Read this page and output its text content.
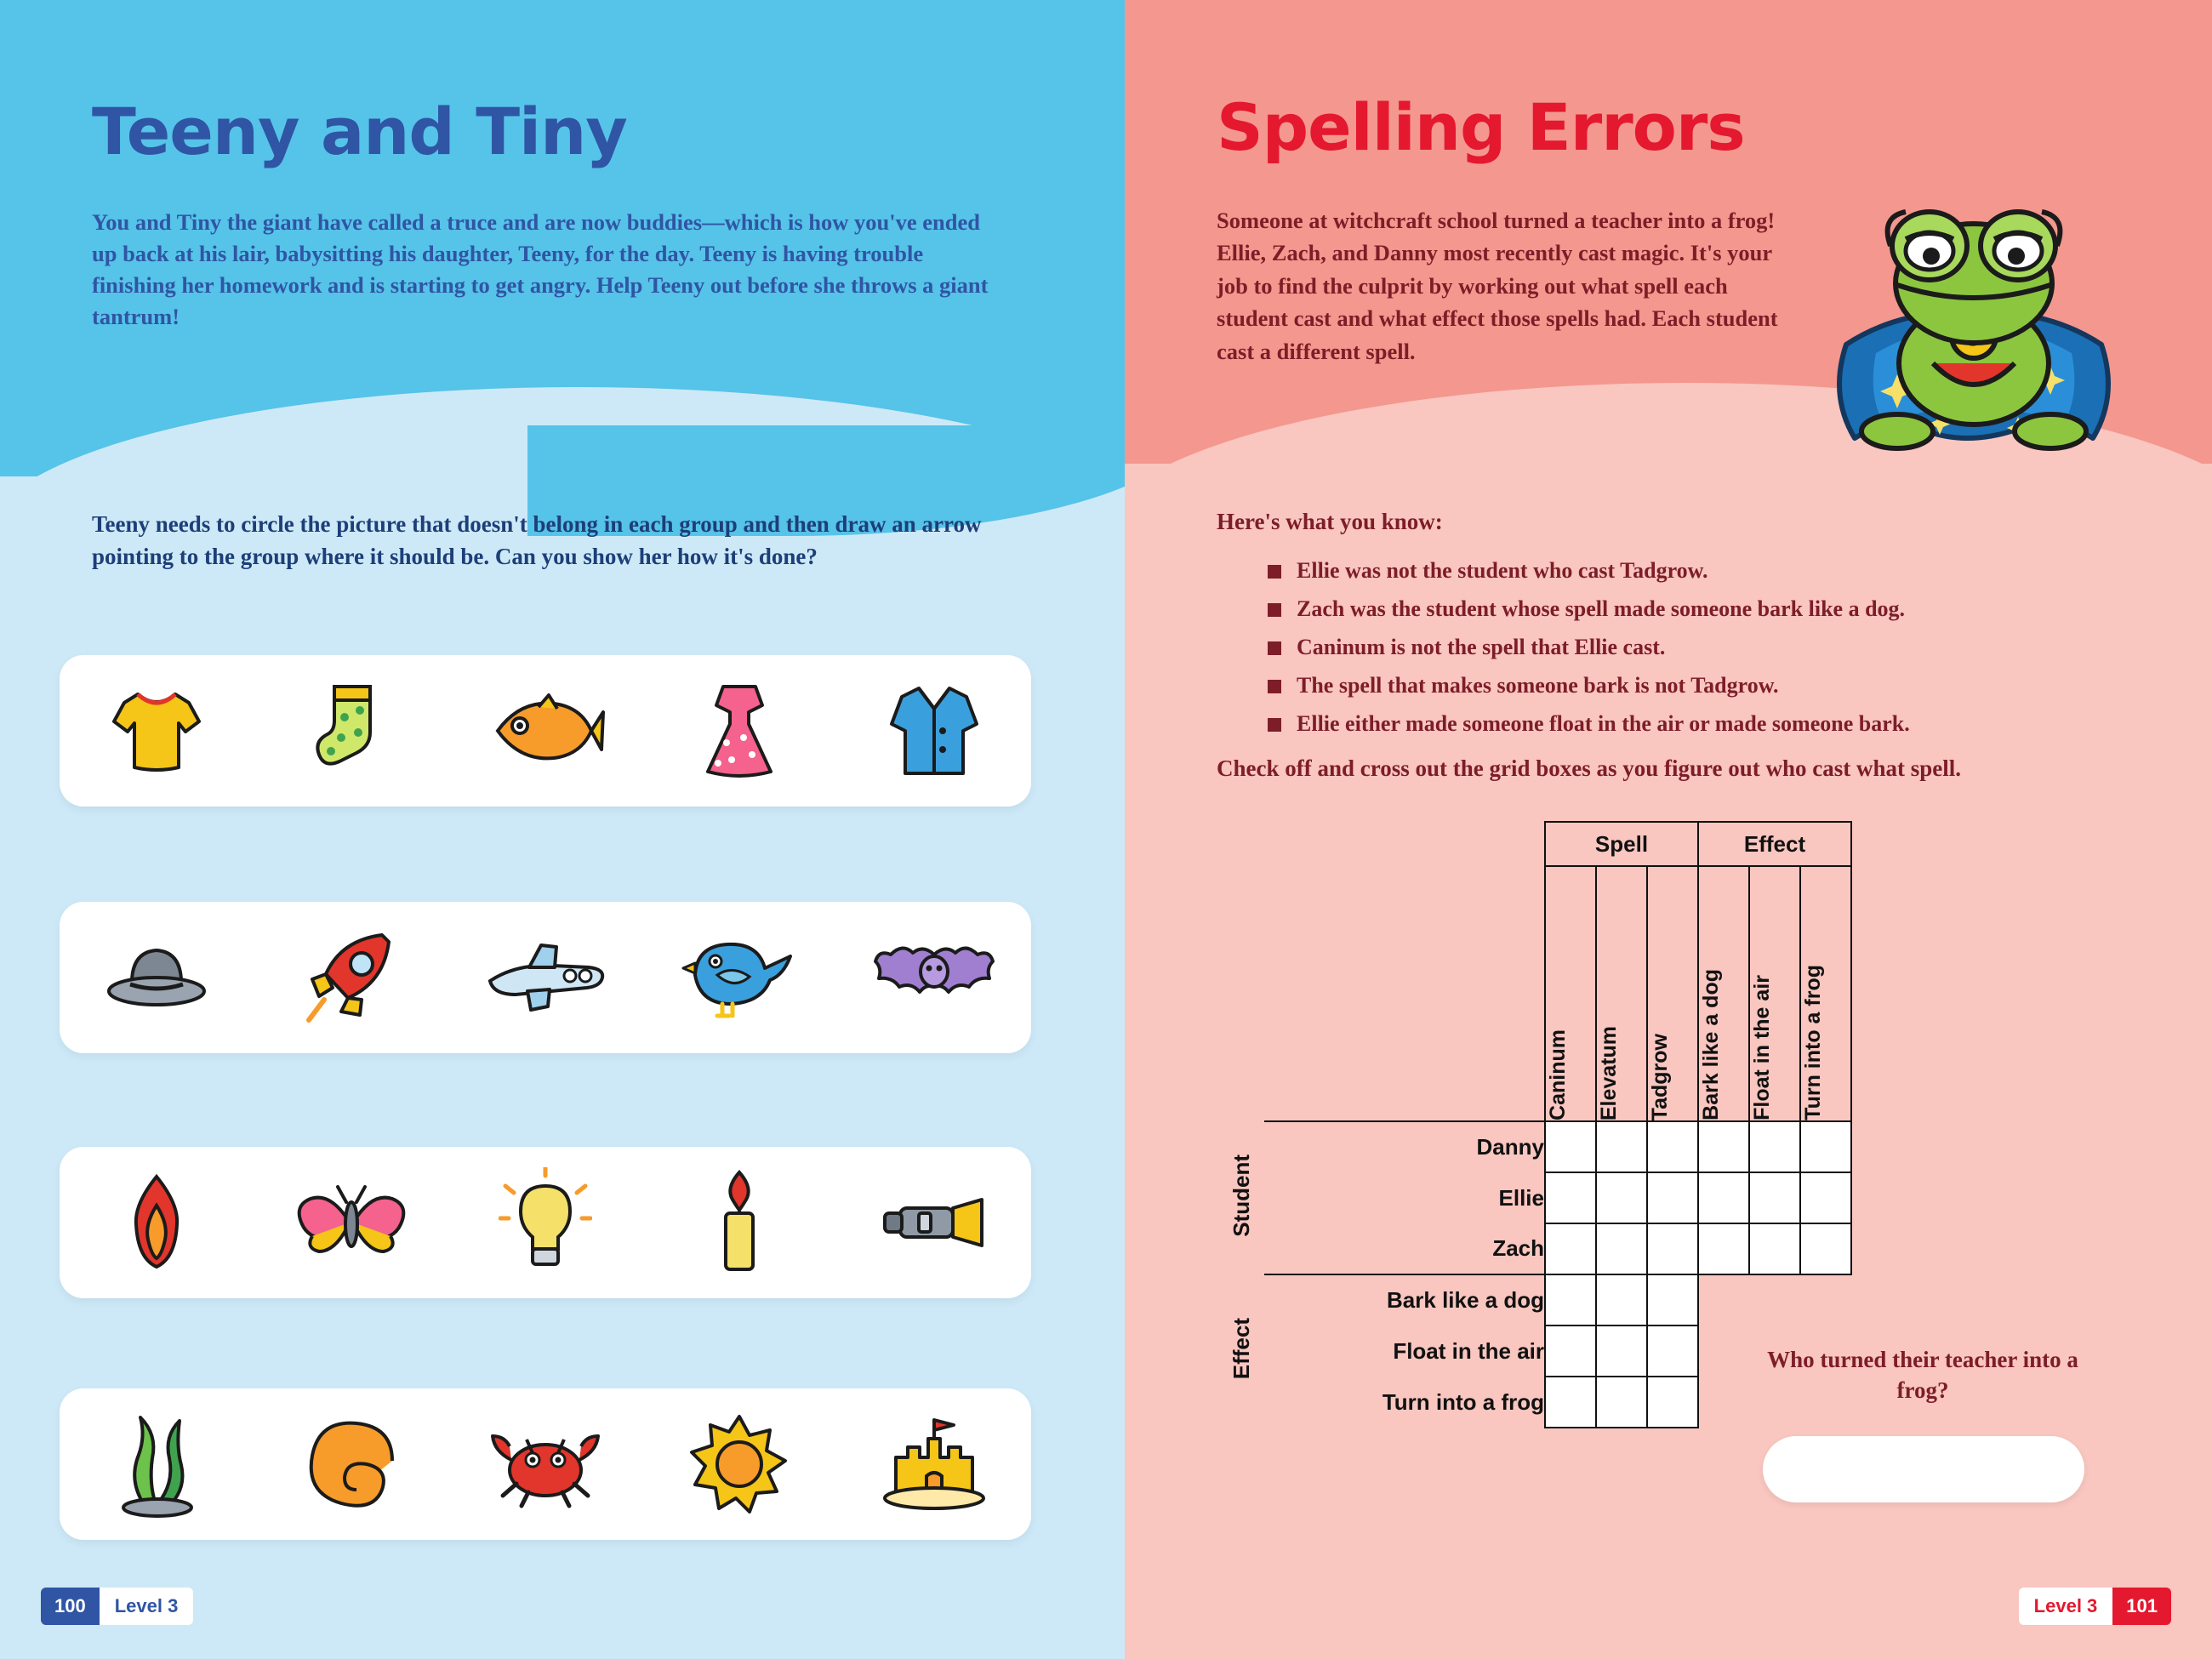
Teeny and Tiny

You and Tiny the giant have called a truce and are now buddies—which is how you've ended up back at his lair, babysitting his daughter, Teeny, for the day. Teeny is having trouble finishing her homework and is starting to get angry. Help Teeny out before she throws a giant tantrum!

Teeny needs to circle the picture that doesn't belong in each group and then draw an arrow pointing to the group where it should be. Can you show her how it's done?

100	Level 3
Spelling Errors

Someone at witchcraft school turned a teacher into a frog! Ellie, Zach, and Danny most recently cast magic. It's your job to find the culprit by working out what spell each student cast and what effect those spells had. Each student cast a different spell.

Here's what you know:

Ellie was not the student who cast Tadgrow.
Zach was the student whose spell made someone bark like a dog.
Caninum is not the spell that Ellie cast.
The spell that makes someone bark is not Tadgrow.
Ellie either made someone float in the air or made someone bark.

Check off and cross out the grid boxes as you figure out who cast what spell.

		Spell			Effect		

		Caninum	Elevatum	Tadgrow	Bark like a dog	Float in the air	Turn into a frog

Student	Danny						
	Ellie						
	Zach						
Effect	Bark like a dog						
	Float in the air						
	Turn into a frog						

Who turned their teacher into a frog?

Level 3	101
